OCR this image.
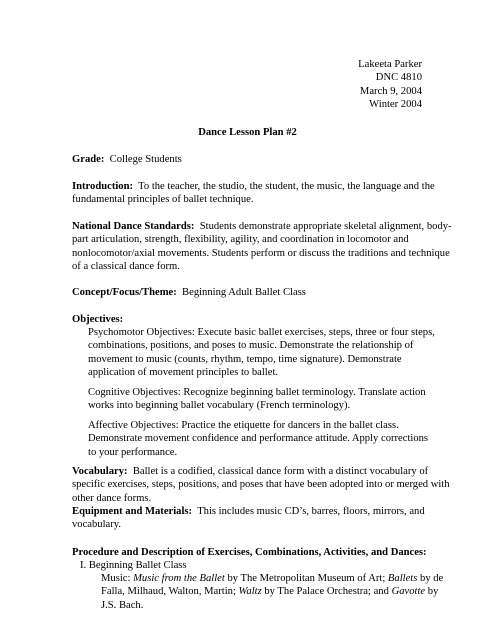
Lakeeta Parker
DNC 4810
March 9, 2004
Winter 2004
Dance Lesson Plan #2
Grade: College Students
Introduction: To the teacher, the studio, the student, the music, the language and the
fundamental principles of ballet technique.
National Dance Standards: Students demonstrate appropriate skeletal alignment, body-
part articulation, strength, flexibility, agility, and coordination in locomotor and
nonlocomotor/axial movements. Students perform or discuss the traditions and technique
of a classical dance form.
Concept/Focus/Theme: Beginning Adult Ballet Class
Objectives:
Psychomotor Objectives: Execute basic ballet exercises, steps, three or four steps,
combinations, positions, and poses to music. Demonstrate the relationship of
movement to music (counts, rhythm, tempo, time signature). Demonstrate
application of movement principles to ballet.
Cognitive Objectives: Recognize beginning ballet terminology. Translate action
works into beginning ballet vocabulary (French terminology).
Affective Objectives: Practice the etiquette for dancers in the ballet class.
Demonstrate movement confidence and performance attitude. Apply corrections
to your performance.
Vocabulary: Ballet is a codified, classical dance form with a distinct vocabulary of
specific exercises, steps, positions, and poses that have been adopted into or merged with
other dance forms.
Equipment and Materials: This includes music CD’s, barres, floors, mirrors, and
vocabulary.
Procedure and Description of Exercises, Combinations, Activities, and Dances:
I. Beginning Ballet Class
Music: Music from the Ballet by The Metropolitan Museum of Art; Ballets by de
Falla, Milhaud, Walton, Martin; Waltz by The Palace Orchestra; and Gavotte by
J.S. Bach.
